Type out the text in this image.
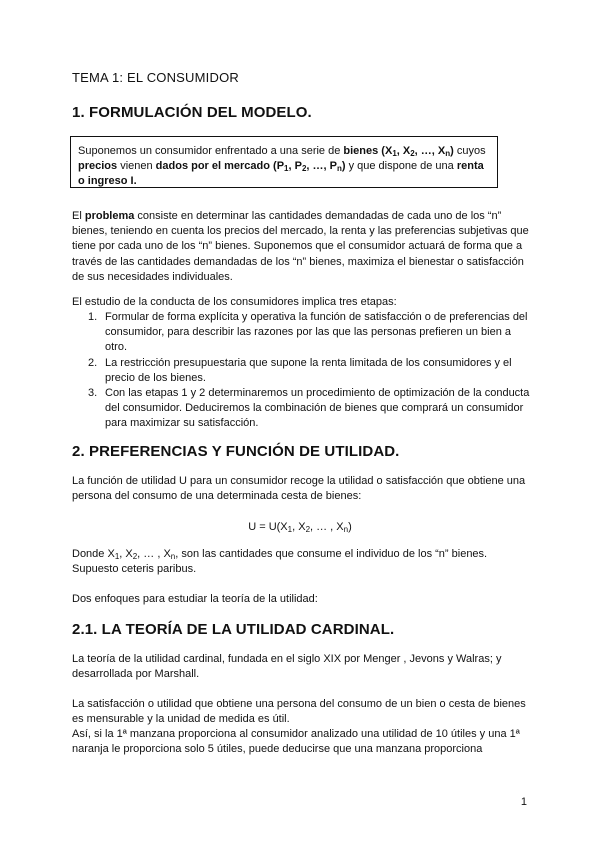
TEMA 1: EL CONSUMIDOR
1. FORMULACIÓN DEL MODELO.
Suponemos un consumidor enfrentado a una serie de bienes ($X_1$, $X_2$, …, $X_n$) cuyos precios vienen dados por el mercado ($P_1$, $P_2$, …, $P_n$) y que dispone de una renta o ingreso I.
El problema consiste en determinar las cantidades demandadas de cada uno de los “n” bienes, teniendo en cuenta los precios del mercado, la renta y las preferencias subjetivas que tiene por cada uno de los “n” bienes. Suponemos que el consumidor actuará de forma que a través de las cantidades demandadas de los “n” bienes, maximiza el bienestar o satisfacción de sus necesidades individuales.
El estudio de la conducta de los consumidores implica tres etapas:
1. Formular de forma explícita y operativa la función de satisfacción o de preferencias del consumidor, para describir las razones por las que las personas prefieren un bien a otro.
2. La restricción presupuestaria que supone la renta limitada de los consumidores y el precio de los bienes.
3. Con las etapas 1 y 2 determinaremos un procedimiento de optimización de la conducta del consumidor. Deduciremos la combinación de bienes que comprará un consumidor para maximizar su satisfacción.
2. PREFERENCIAS Y FUNCIÓN DE UTILIDAD.
La función de utilidad U para un consumidor recoge la utilidad o satisfacción que obtiene una persona del consumo de una determinada cesta de bienes:
$U = U(X_1$, $X_2$, … , $X_n$)
Donde $X_1$, $X_2$, … , $X_n$, son las cantidades que consume el individuo de los “n” bienes.
Supuesto ceteris paribus.
Dos enfoques para estudiar la teoría de la utilidad:
2.1. LA TEORÍA DE LA UTILIDAD CARDINAL.
La teoría de la utilidad cardinal, fundada en el siglo XIX por Menger , Jevons y Walras; y desarrollada por Marshall.
La satisfacción o utilidad que obtiene una persona del consumo de un bien o cesta de bienes es mensurable y la unidad de medida es útil.
Así, si la 1ª manzana proporciona al consumidor analizado una utilidad de 10 útiles y una 1ª naranja le proporciona solo 5 útiles, puede deducirse que una manzana proporciona
1
